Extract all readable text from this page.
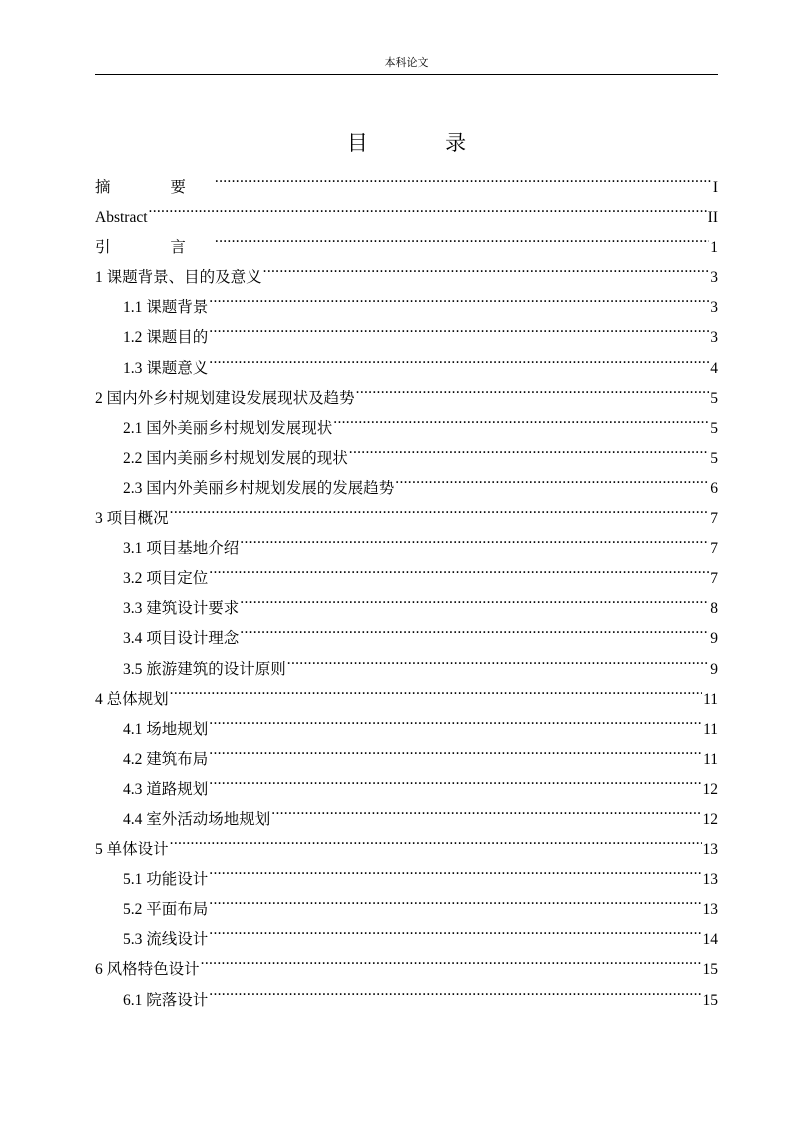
本科论文
目 录
摘 要 .....	I
Abstract .....	II
引 言 .....	1
1 课题背景、目的及意义 .....	3
1.1 课题背景 .....	3
1.2 课题目的 .....	3
1.3 课题意义 .....	4
2 国内外乡村规划建设发展现状及趋势 .....	5
2.1 国外美丽乡村规划发展现状 .....	5
2.2 国内美丽乡村规划发展的现状 .....	5
2.3 国内外美丽乡村规划发展的发展趋势 .....	6
3 项目概况 .....	7
3.1 项目基地介绍 .....	7
3.2 项目定位 .....	7
3.3 建筑设计要求 .....	8
3.4 项目设计理念 .....	9
3.5 旅游建筑的设计原则 .....	9
4 总体规划 .....	11
4.1 场地规划 .....	11
4.2 建筑布局 .....	11
4.3 道路规划 .....	12
4.4 室外活动场地规划 .....	12
5 单体设计 .....	13
5.1 功能设计 .....	13
5.2 平面布局 .....	13
5.3 流线设计 .....	14
6 风格特色设计 .....	15
6.1 院落设计 .....	15
